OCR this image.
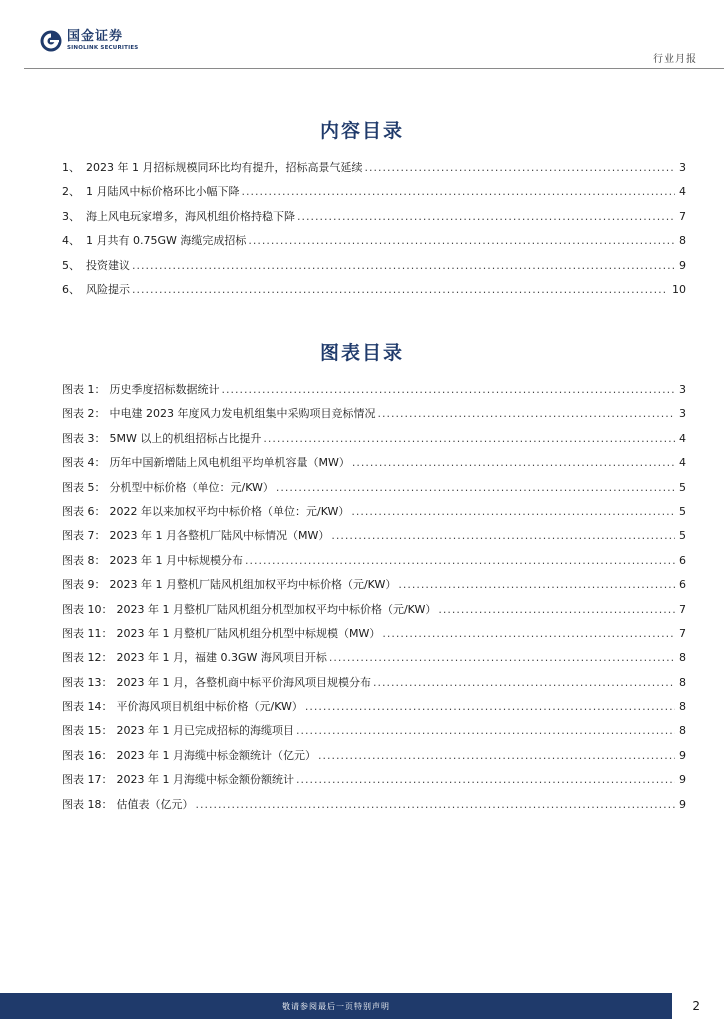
国金证券
SINOLINK SECURITIES
行业月报
内容目录
1、 2023 年 1 月招标规模同环比均有提升，招标高景气延续 .....	3
2、 1 月陆风中标价格环比小幅下降 .....	4
3、 海上风电玩家增多，海风机组价格持稳下降 .....	7
4、 1 月共有 0.75GW 海缆完成招标 .....	8
5、 投资建议 .....	9
6、 风险提示 .....	10
图表目录
图表 1： 历史季度招标数据统计 .....	3
图表 2： 中电建 2023 年度风力发电机组集中采购项目竞标情况 .....	3
图表 3： 5MW 以上的机组招标占比提升 .....	4
图表 4： 历年中国新增陆上风电机组平均单机容量（MW） .....	4
图表 5： 分机型中标价格（单位：元/KW） .....	5
图表 6： 2022 年以来加权平均中标价格（单位：元/KW） .....	5
图表 7： 2023 年 1 月各整机厂陆风中标情况（MW） .....	5
图表 8： 2023 年 1 月中标规模分布 .....	6
图表 9： 2023 年 1 月整机厂陆风机组加权平均中标价格（元/KW） .....	6
图表 10： 2023 年 1 月整机厂陆风机组分机型加权平均中标价格（元/KW） .....	7
图表 11： 2023 年 1 月整机厂陆风机组分机型中标规模（MW） .....	7
图表 12： 2023 年 1 月，福建 0.3GW 海风项目开标 .....	8
图表 13： 2023 年 1 月，各整机商中标平价海风项目规模分布 .....	8
图表 14： 平价海风项目机组中标价格（元/KW） .....	8
图表 15： 2023 年 1 月已完成招标的海缆项目 .....	8
图表 16： 2023 年 1 月海缆中标金额统计（亿元） .....	9
图表 17： 2023 年 1 月海缆中标金额份额统计 .....	9
图表 18： 估值表（亿元） .....	9
敬请参阅最后一页特别声明	2
